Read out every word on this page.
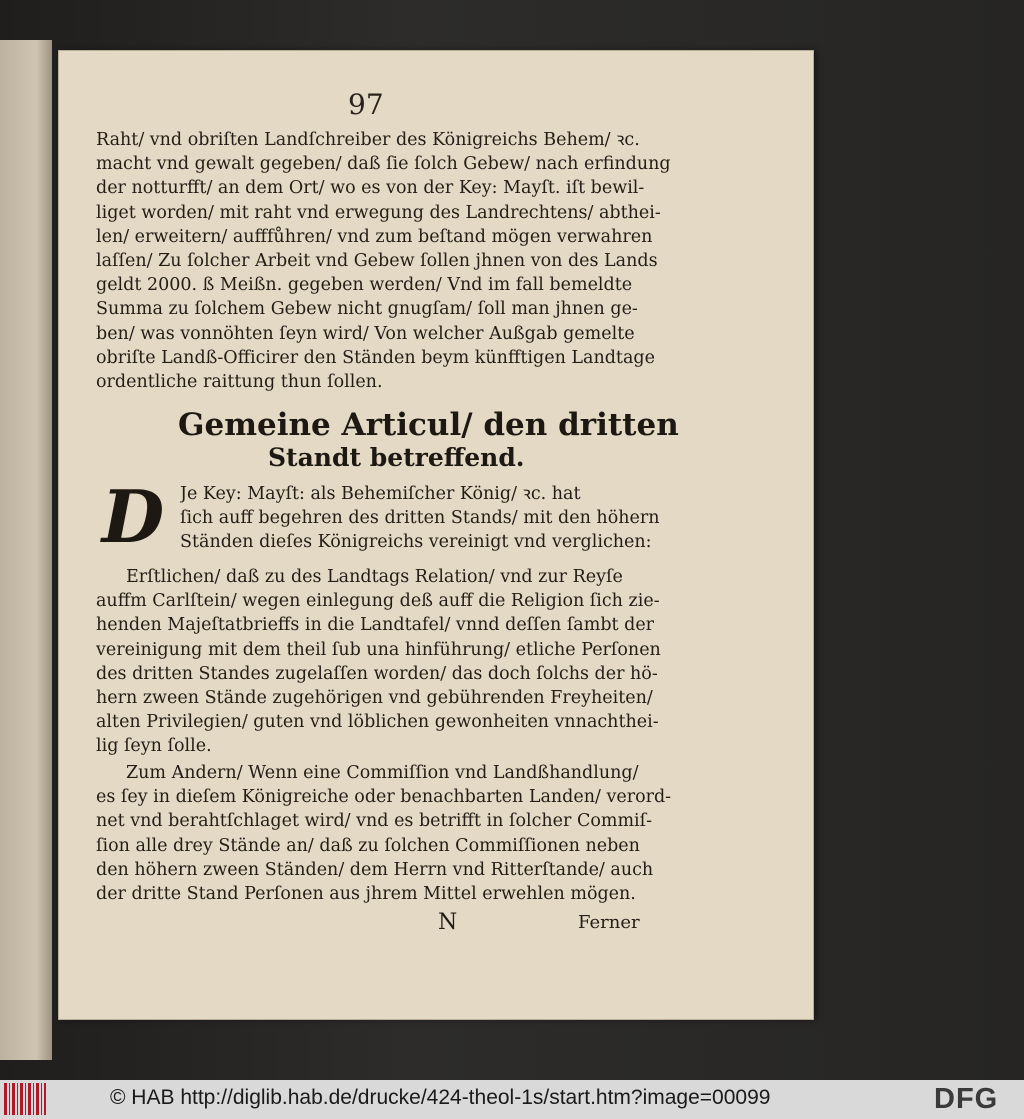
97
Raht/ vnd obriſten Landſchreiber des Königreichs Behem/ ꝛc.
macht vnd gewalt gegeben/ daß ſie ſolch Gebew/ nach erfindung
der notturfft/ an dem Ort/ wo es von der Key: Mayſt. iſt bewil-
liget worden/ mit raht vnd erwegung des Landrechtens/ abthei-
len/ erweitern/ aufffůhren/ vnd zum beſtand mögen verwahren
laſſen/ Zu ſolcher Arbeit vnd Gebew ſollen jhnen von des Lands
geldt 2000. ß Meißn. gegeben werden/ Vnd im fall bemeldte
Summa zu ſolchem Gebew nicht gnugſam/ ſoll man jhnen ge-
ben/ was vonnöhten ſeyn wird/ Von welcher Außgab gemelte
obriſte Landß-Officirer den Ständen beym künfftigen Landtage
ordentliche raittung thun ſollen.
Gemeine Articul/ den dritten
Standt betreffend.
D Je Key: Mayſt: als Behemiſcher König/ ꝛc. hat
ſich auff begehren des dritten Stands/ mit den höhern
Ständen dieſes Königreichs vereinigt vnd verglichen:
Erſtlichen/ daß zu des Landtags Relation/ vnd zur Reyſe
auffm Carlſtein/ wegen einlegung deß auff die Religion ſich zie-
henden Majeſtatbrieffs in die Landtafel/ vnnd deſſen ſambt der
vereinigung mit dem theil ſub una hinführung/ etliche Perſonen
des dritten Standes zugelaſſen worden/ das doch ſolchs der hö-
hern zween Stände zugehörigen vnd gebührenden Freyheiten/
alten Privilegien/ guten vnd löblichen gewonheiten vnnachthei-
lig ſeyn ſolle.
Zum Andern/ Wenn eine Commiſſion vnd Landßhandlung/
es ſey in dieſem Königreiche oder benachbarten Landen/ verord-
net vnd berahtſchlaget wird/ vnd es betrifft in ſolcher Commiſ-
ſion alle drey Stände an/ daß zu ſolchen Commiſſionen neben
den höhern zween Ständen/ dem Herrn vnd Ritterſtande/ auch
der dritte Stand Perſonen aus jhrem Mittel erwehlen mögen.
N	Ferner
© HAB http://diglib.hab.de/drucke/424-theol-1s/start.htm?image=00099	DFG
